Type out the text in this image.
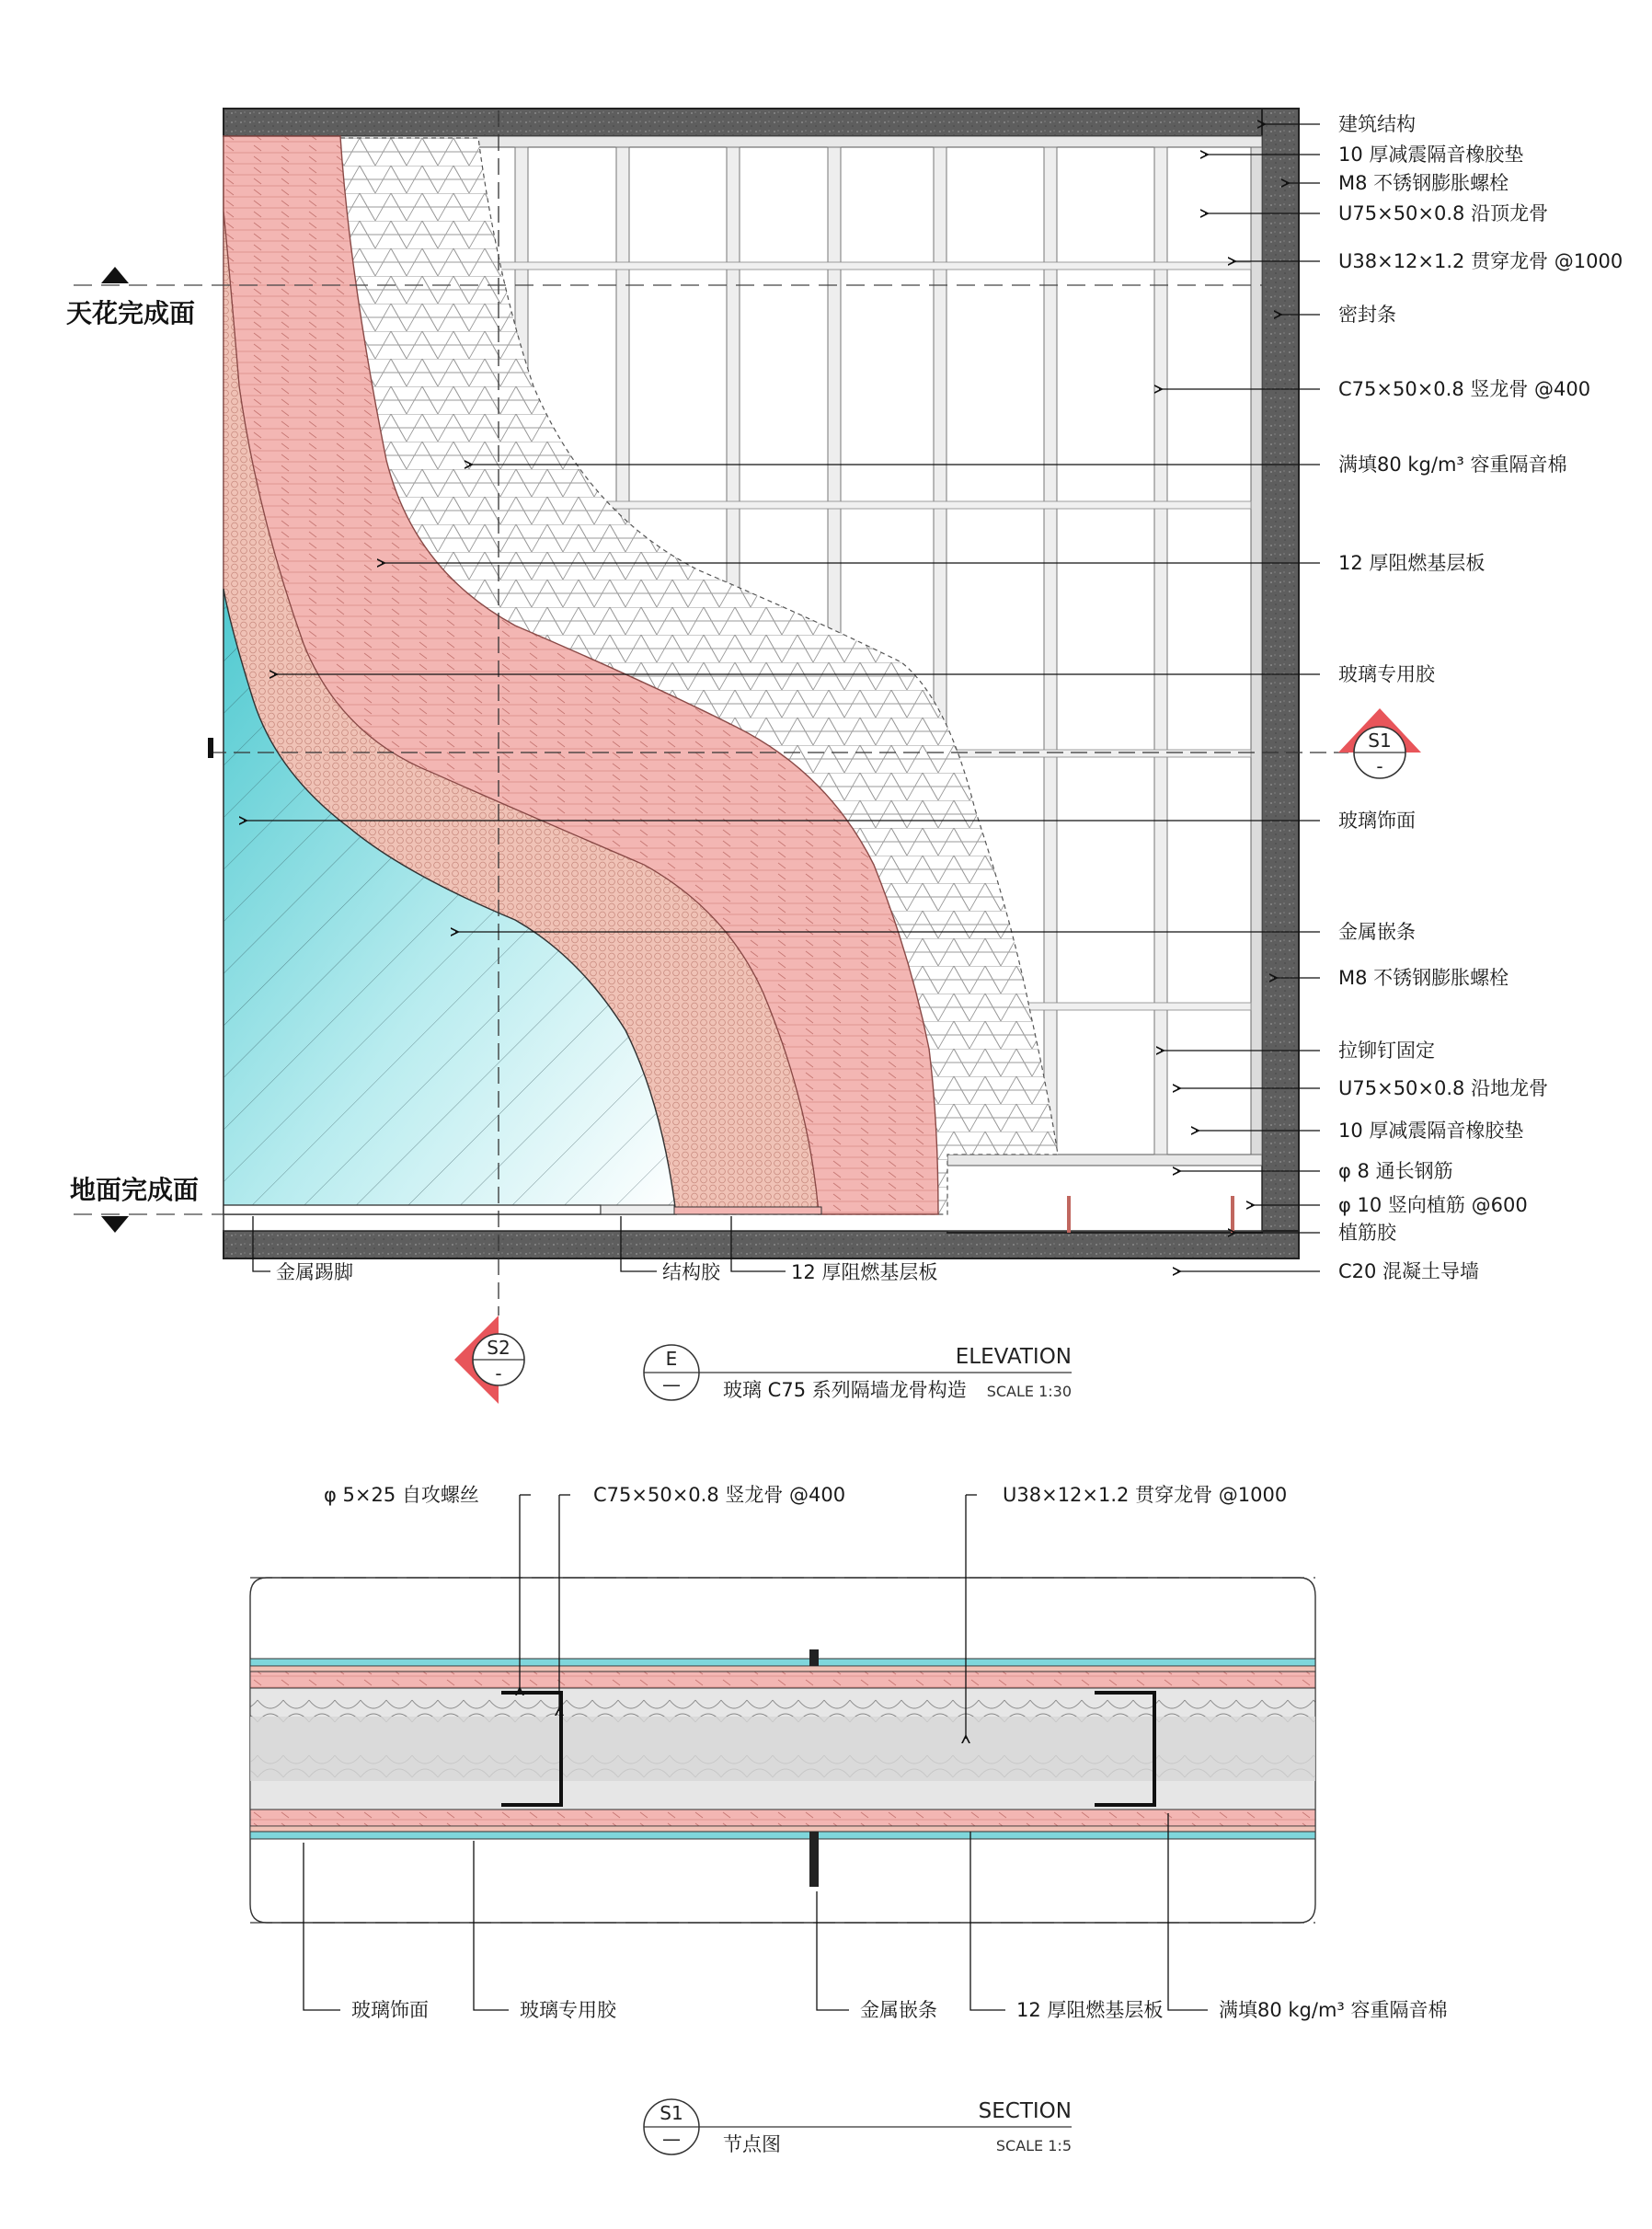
天花完成面
地面完成面
S1
-
S2
-
建筑结构
10 厚减震隔音橡胶垫
M8 不锈钢膨胀螺栓
U75×50×0.8 沿顶龙骨
U38×12×1.2 贯穿龙骨 @1000
密封条
C75×50×0.8 竖龙骨 @400
满填80 kg/m³ 容重隔音棉
12 厚阻燃基层板
玻璃专用胶
玻璃饰面
金属嵌条
M8 不锈钢膨胀螺栓
拉铆钉固定
U75×50×0.8 沿地龙骨
10 厚减震隔音橡胶垫
φ 8 通长钢筋
φ 10 竖向植筋 @600
植筋胶
C20 混凝土导墙
金属踢脚	结构胶	12 厚阻燃基层板
E
—
ELEVATION
玻璃 C75 系列隔墙龙骨构造 SCALE 1:30
φ 5×25 自攻螺丝	C75×50×0.8 竖龙骨 @400	U38×12×1.2 贯穿龙骨 @1000
玻璃饰面	玻璃专用胶	金属嵌条	12 厚阻燃基层板	满填80 kg/m³ 容重隔音棉
S1
—
SECTION
节点图	SCALE 1:5
